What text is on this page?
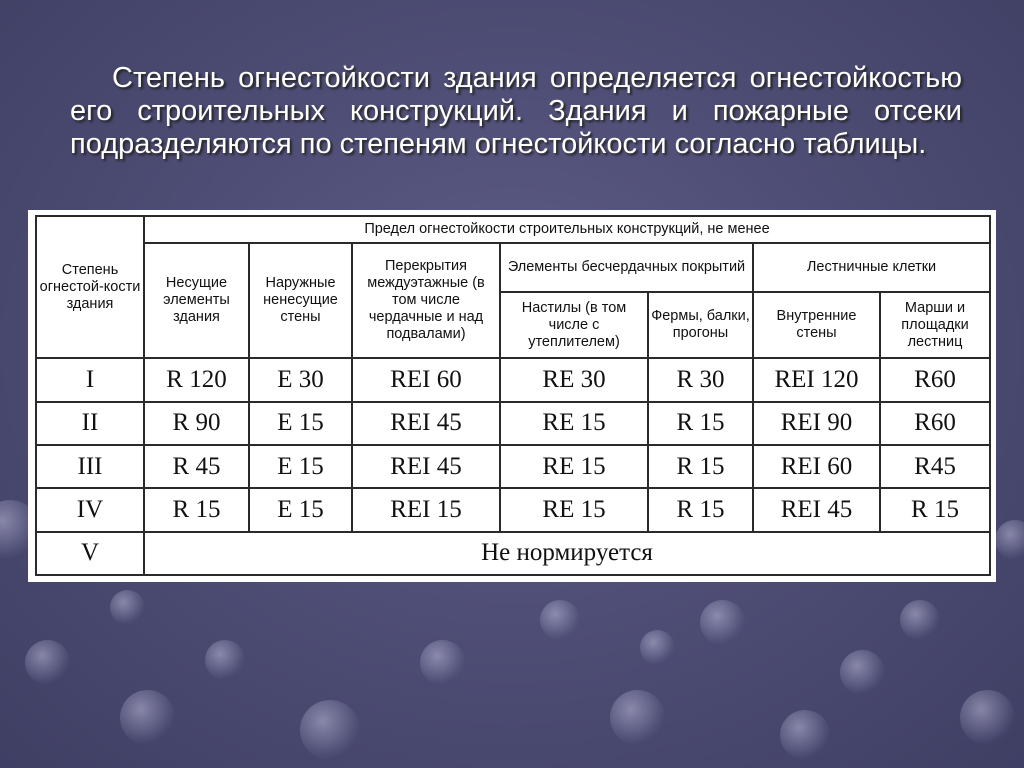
Степень огнестойкости здания определяется огнестойкостью его строительных конструкций. Здания и пожарные отсеки подразделяются по степеням огнестойкости согласно таблицы.
Степень огнестой-кости здания	Предел огнестойкости строительных конструкций, не менее						
	Несущие элементы здания	Наружные ненесущие стены	Перекрытия междуэтажные (в том числе чердачные и над подвалами)	Элементы бесчердачных покрытий		Лестничные клетки	
				Настилы (в том числе с утеплителем)	Фермы, балки, прогоны	Внутренние стены	Марши и площадки лестниц
I	R 120	E 30	REI 60	RE 30	R 30	REI 120	R60
II	R 90	E 15	REI 45	RE 15	R 15	REI 90	R60
III	R 45	E 15	REI 45	RE 15	R 15	REI 60	R45
IV	R 15	E 15	REI 15	RE 15	R 15	REI 45	R 15
V	Не нормируется						
